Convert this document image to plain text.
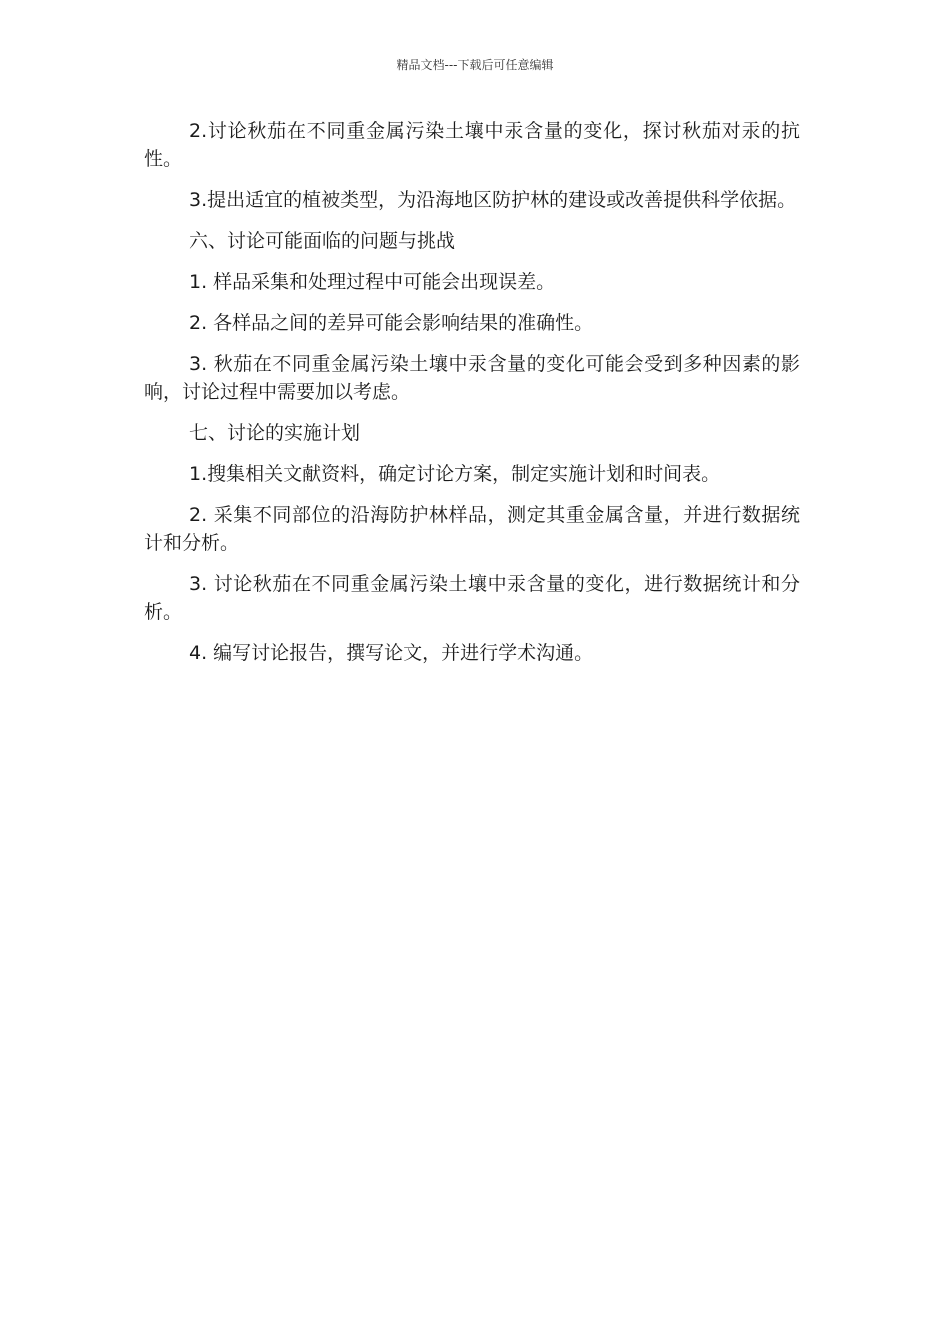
精品文档---下载后可任意编辑

2.讨论秋茄在不同重金属污染土壤中汞含量的变化，探讨秋茄对汞的抗性。

3.提出适宜的植被类型，为沿海地区防护林的建设或改善提供科学依据。

六、讨论可能面临的问题与挑战

1. 样品采集和处理过程中可能会出现误差。

2. 各样品之间的差异可能会影响结果的准确性。

3. 秋茄在不同重金属污染土壤中汞含量的变化可能会受到多种因素的影响，讨论过程中需要加以考虑。

七、讨论的实施计划

1.搜集相关文献资料，确定讨论方案，制定实施计划和时间表。

2. 采集不同部位的沿海防护林样品，测定其重金属含量，并进行数据统计和分析。

3. 讨论秋茄在不同重金属污染土壤中汞含量的变化，进行数据统计和分析。

4. 编写讨论报告，撰写论文，并进行学术沟通。
